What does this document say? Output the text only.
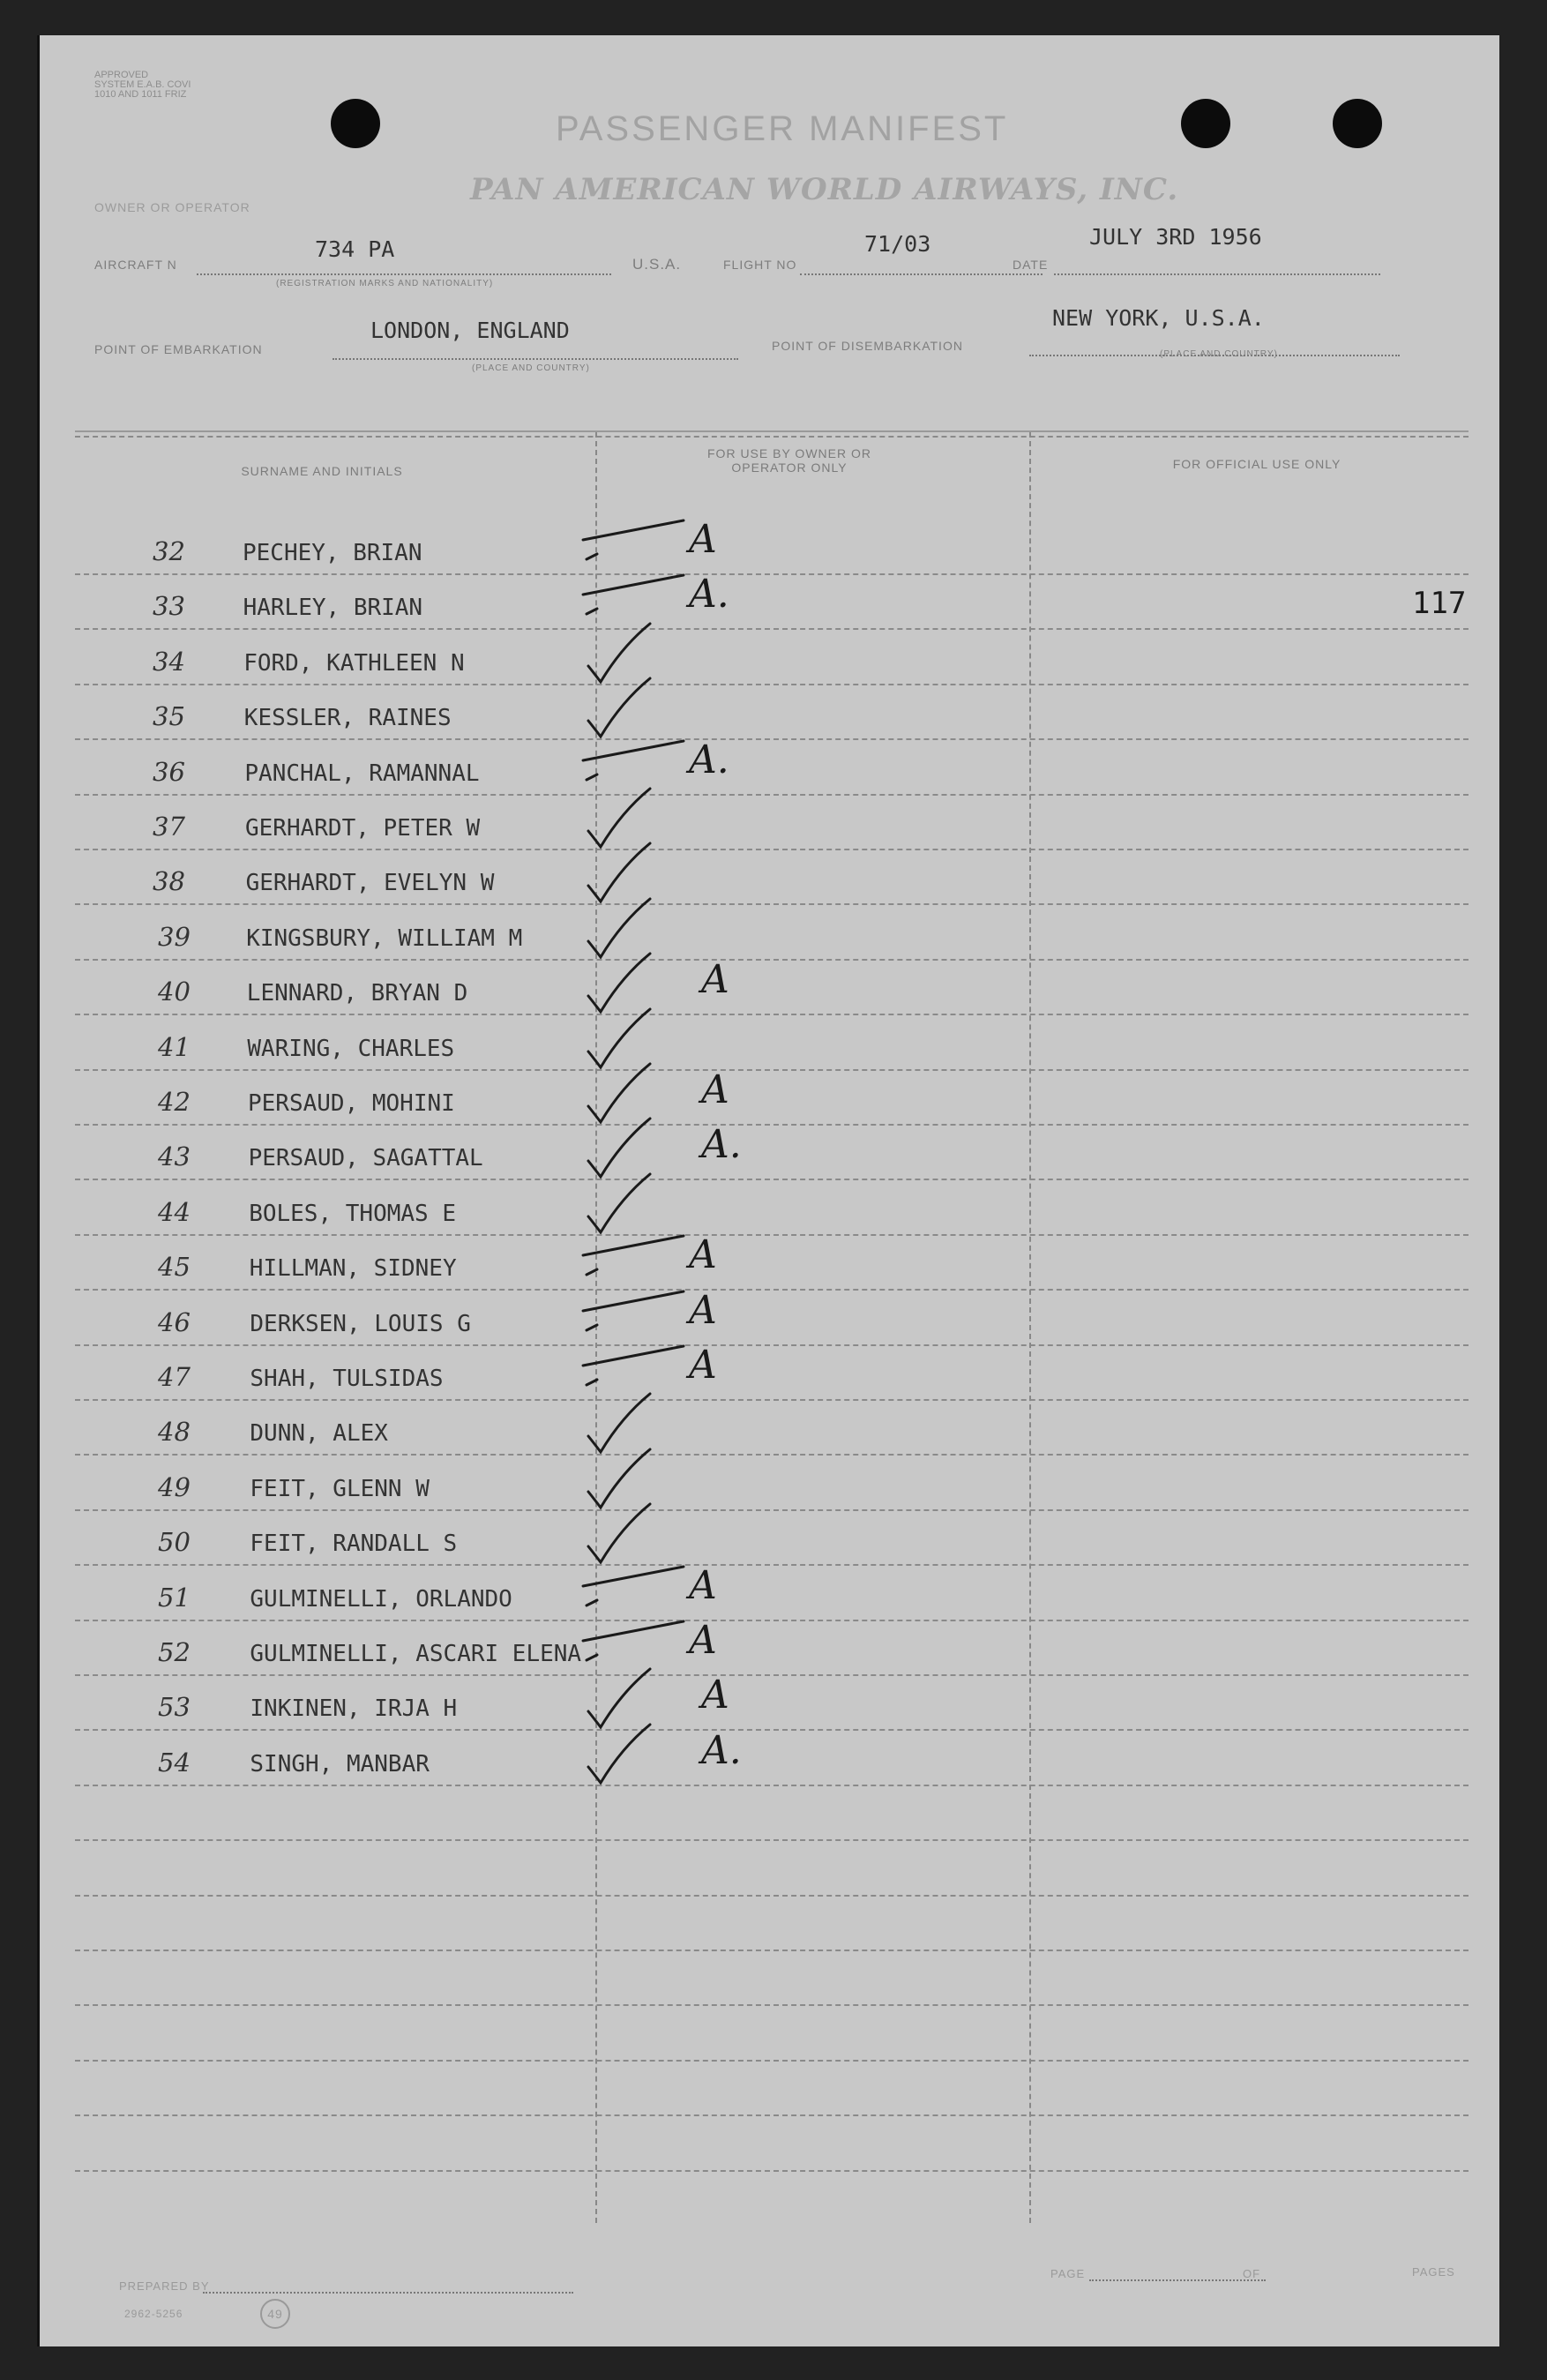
APPROVED
SYSTEM E.A.B. COVI
1010 AND 1011 FRIZ
PASSENGER MANIFEST
OWNER OR OPERATOR	PAN AMERICAN WORLD AIRWAYS, INC.
AIRCRAFT N
734 PA
(REGISTRATION MARKS AND NATIONALITY)
U.S.A.	FLIGHT NO
71/03
DATE
JULY 3RD 1956
POINT OF EMBARKATION
LONDON, ENGLAND
(PLACE AND COUNTRY)
POINT OF DISEMBARKATION
NEW YORK, U.S.A.
(PLACE AND COUNTRY)
SURNAME AND INITIALS
FOR USE BY OWNER OR OPERATOR ONLY	FOR OFFICIAL USE ONLY
117
32	PECHEY, BRIAN	A
33	HARLEY, BRIAN	A.
34	FORD, KATHLEEN N
35	KESSLER, RAINES
36	PANCHAL, RAMANNAL	A.
37	GERHARDT, PETER W
38	GERHARDT, EVELYN W
39 KINGSBURY, WILLIAM M
40 LENNARD, BRYAN D	A
41 WARING, CHARLES
42	PERSAUD, MOHINI	A
43	PERSAUD, SAGATTAL	A.
44	BOLES, THOMAS E
45	HILLMAN, SIDNEY	A
46	DERKSEN, LOUIS G	A
47	SHAH, TULSIDAS	A
48	DUNN, ALEX
49	FEIT, GLENN W
50	FEIT, RANDALL S
51	GULMINELLI, ORLANDO	A
52	GULMINELLI, ASCARI ELENA	A
53	INKINEN, IRJA H	A
54	SINGH, MANBAR	A.
PREPARED BY
PAGE	OF	PAGES
2962-5256	49
